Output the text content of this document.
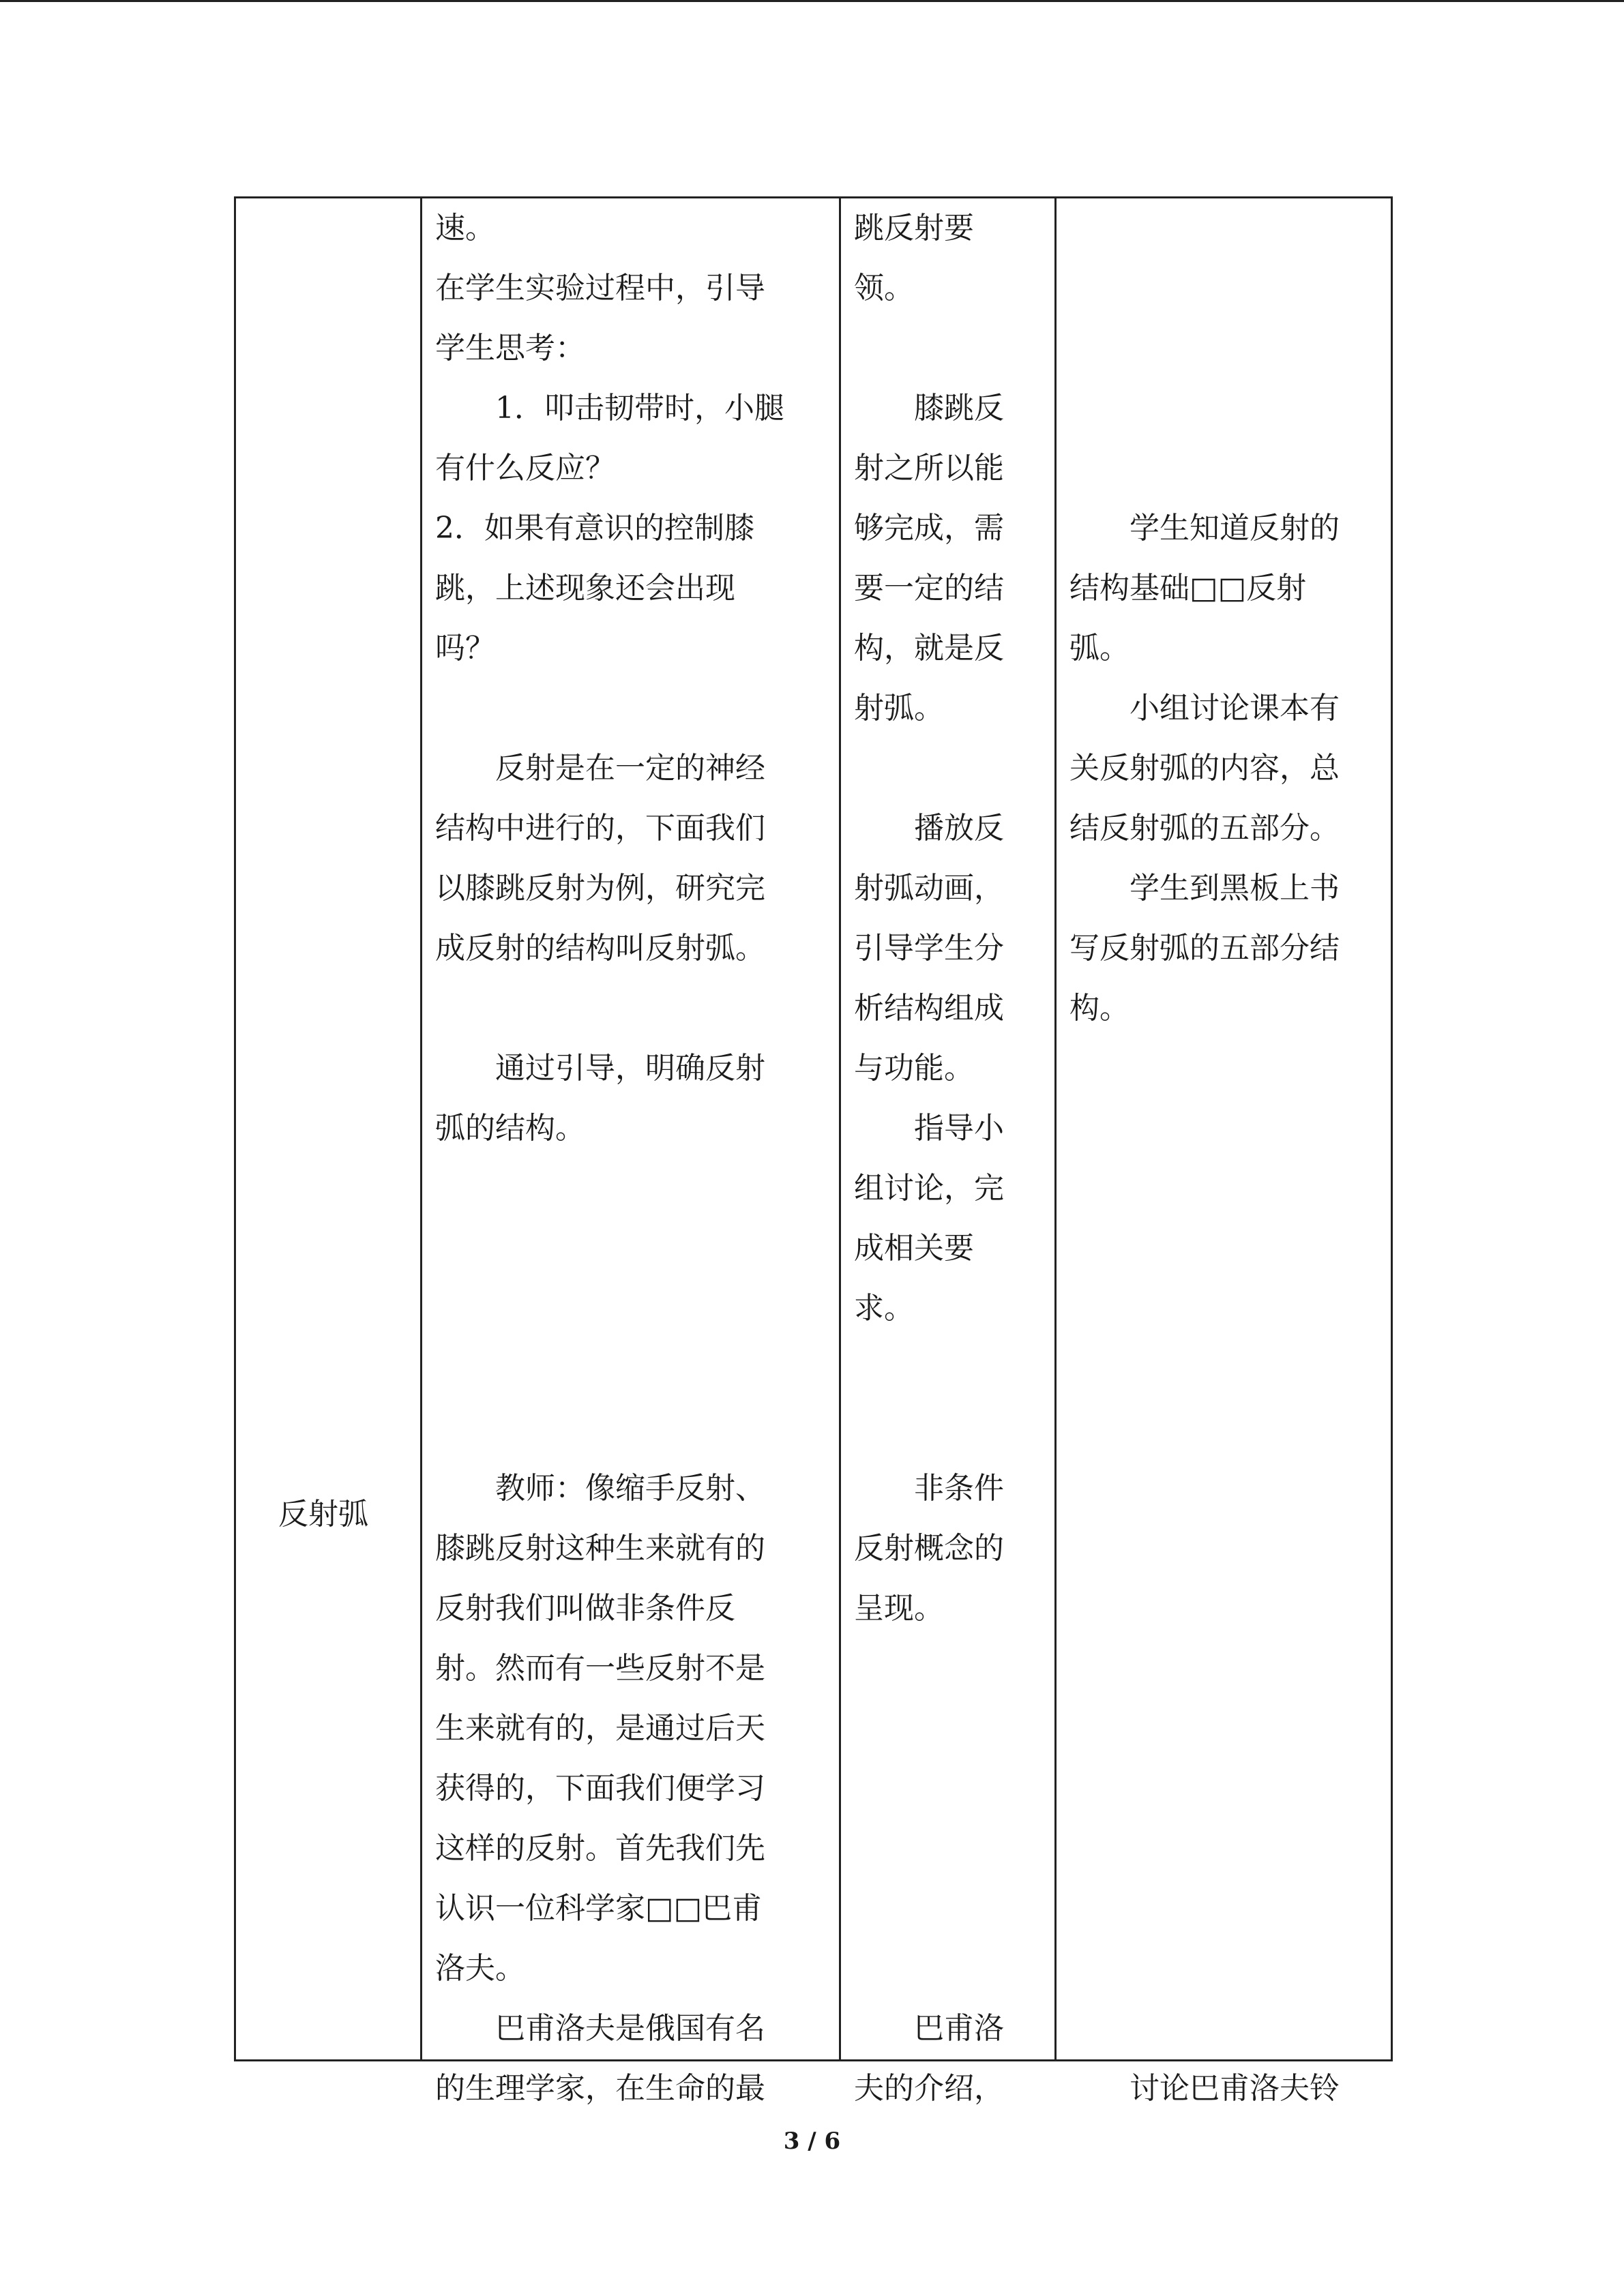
反射弧
速。
在学生实验过程中，引导
学生思考：
　　1．叩击韧带时，小腿
有什么反应？
2．如果有意识的控制膝
跳，上述现象还会出现
吗？
　　反射是在一定的神经
结构中进行的，下面我们
以膝跳反射为例，研究完
成反射的结构叫反射弧。
　　通过引导，明确反射
弧的结构。
　　教师：像缩手反射、
膝跳反射这种生来就有的
反射我们叫做非条件反
射。然而有一些反射不是
生来就有的，是通过后天
获得的，下面我们便学习
这样的反射。首先我们先
认识一位科学家□□巴甫
洛夫。
　　巴甫洛夫是俄国有名
的生理学家，在生命的最
跳反射要
领。
　　膝跳反
射之所以能
够完成，需
要一定的结
构，就是反
射弧。
　　播放反
射弧动画，
引导学生分
析结构组成
与功能。
　　指导小
组讨论，完
成相关要
求。
　　非条件
反射概念的
呈现。
　　巴甫洛
夫的介绍，
　　学生知道反射的
结构基础□□反射
弧。
　　小组讨论课本有
关反射弧的内容，总
结反射弧的五部分。
　　学生到黑板上书
写反射弧的五部分结
构。
　　讨论巴甫洛夫铃
3 / 6
